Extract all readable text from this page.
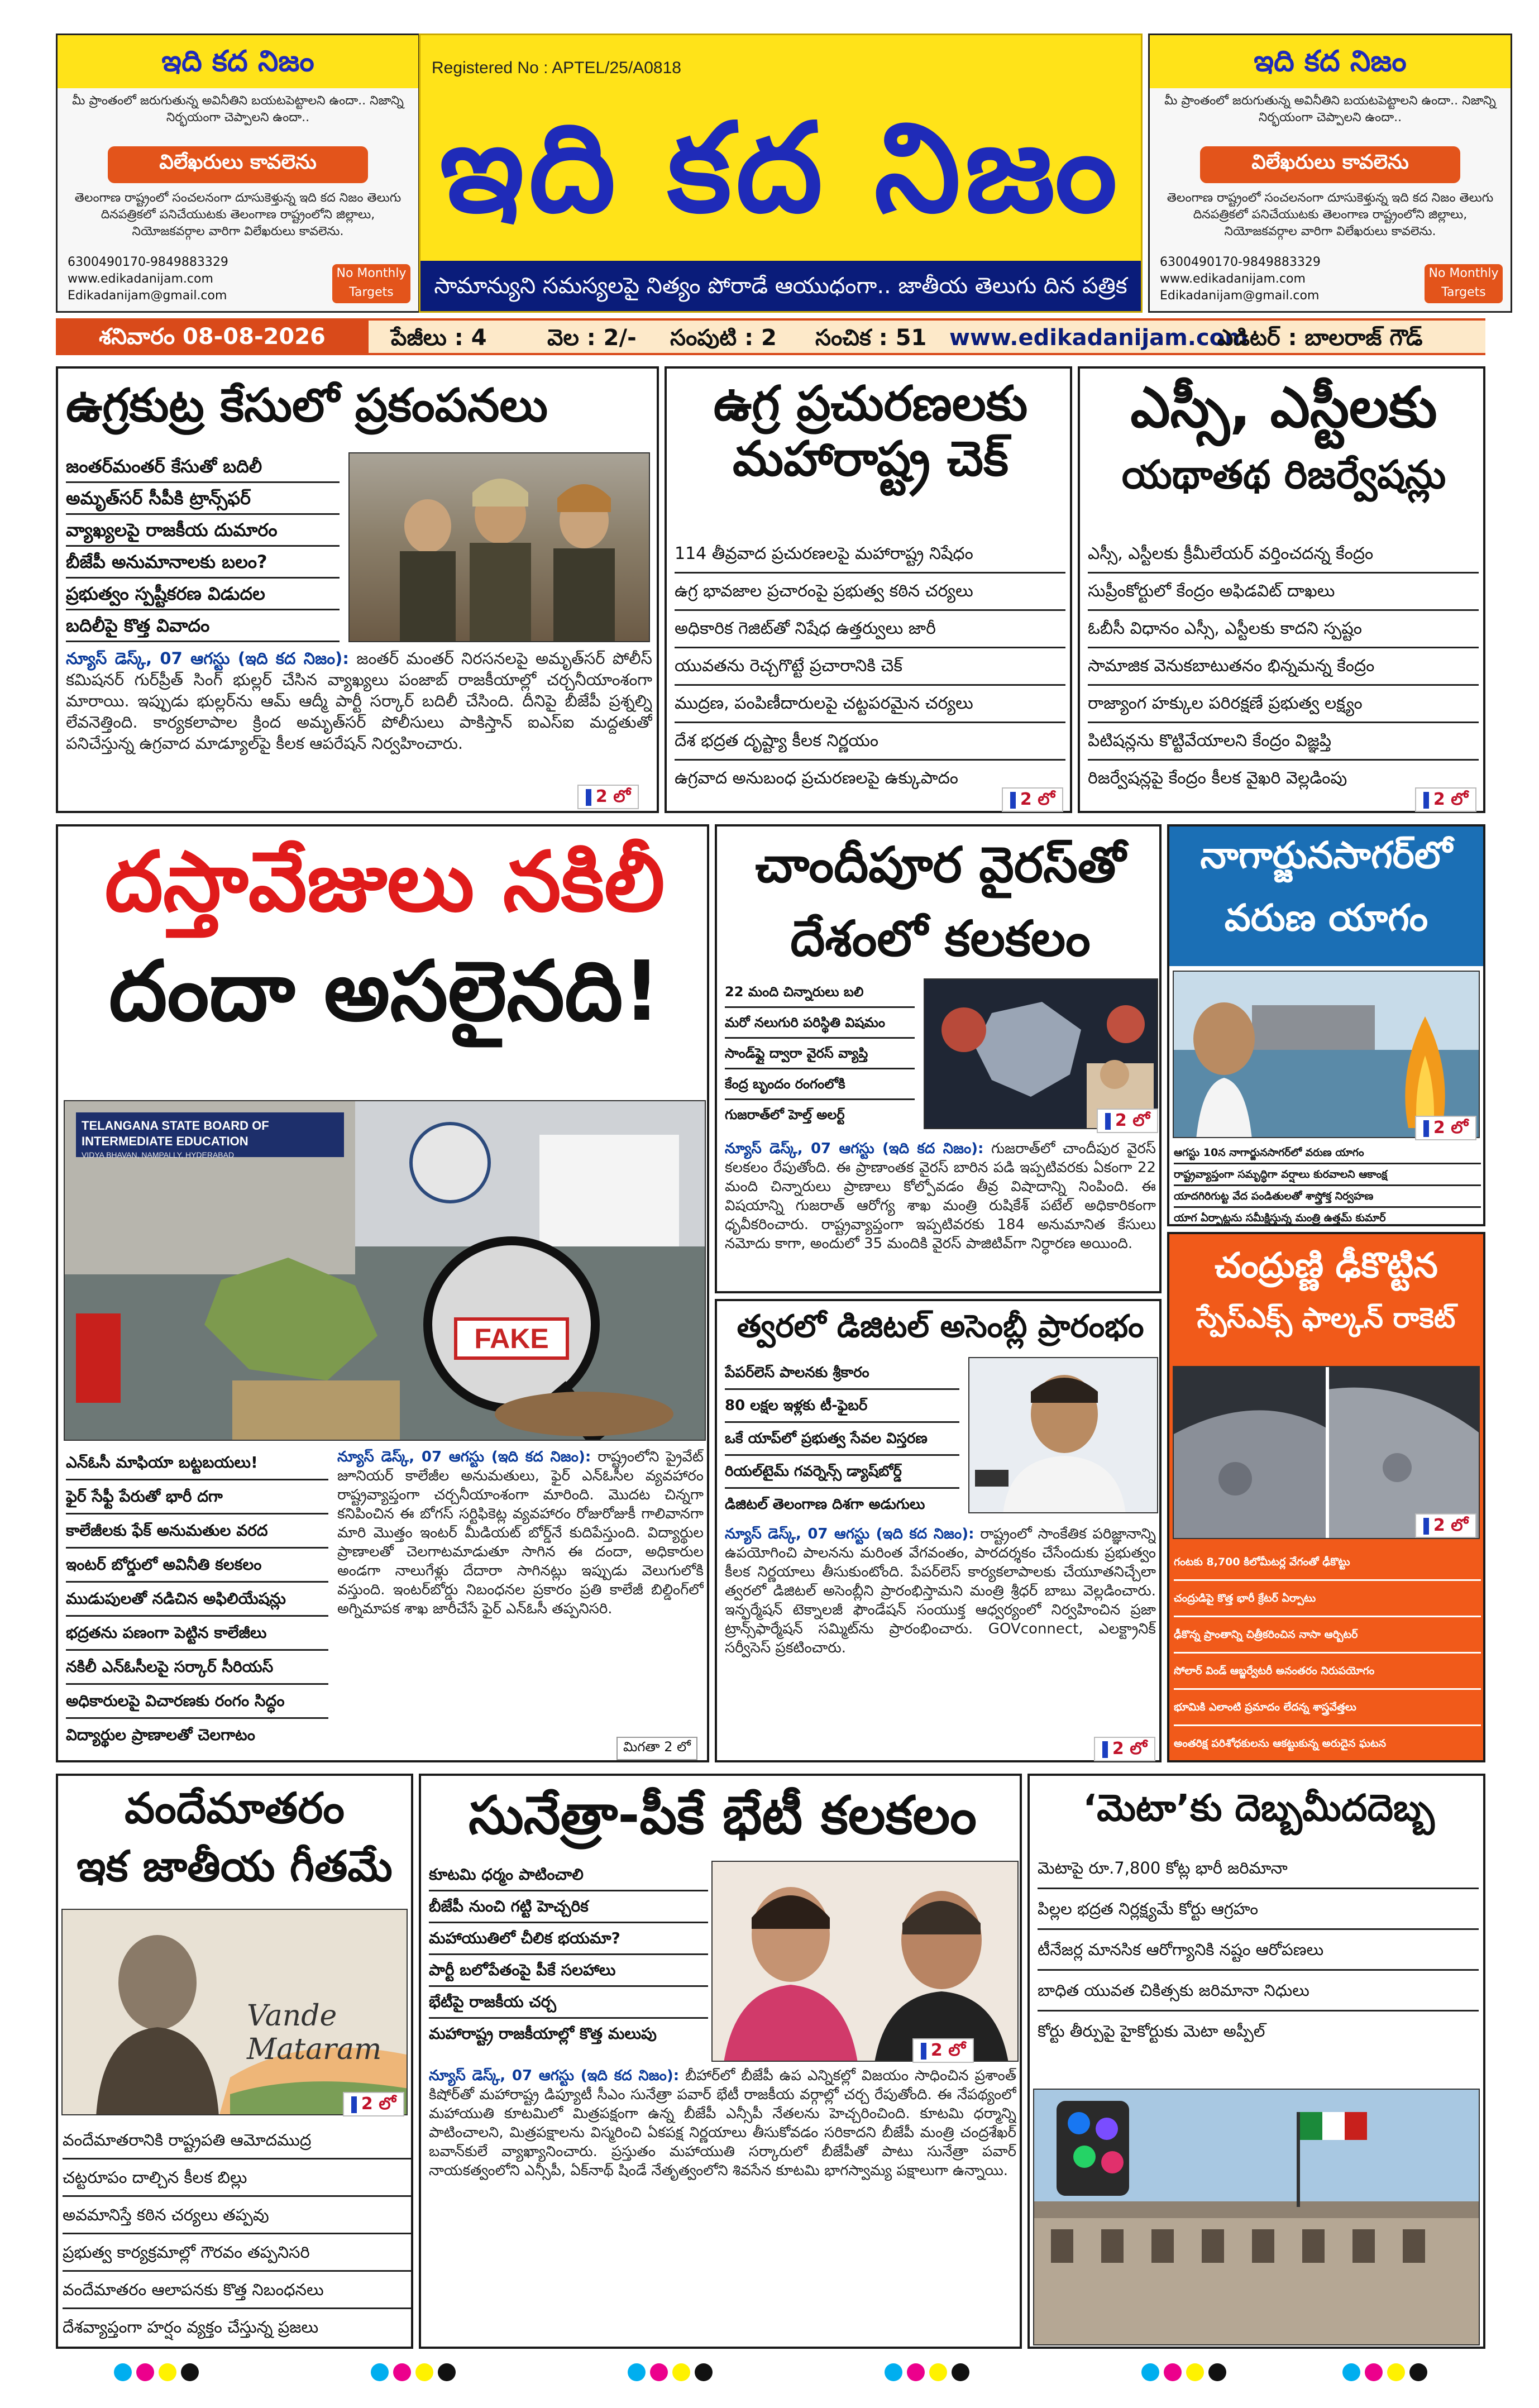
ఇది కద నిజం
మీ ప్రాంతంలో జరుగుతున్న అవినీతిని బయటపెట్టాలని ఉందా.. నిజాన్ని నిర్భయంగా చెప్పాలని ఉందా..
విలేఖరులు కావలెను
తెలంగాణ రాష్ట్రంలో సంచలనంగా దూసుకెళ్తున్న ఇది కద నిజం తెలుగు దినపత్రికలో పనిచేయుటకు తెలంగాణ రాష్ట్రంలోని జిల్లాలు, నియోజకవర్గాల వారిగా విలేఖరులు కావలెను.
6300490170-9849883329
www.edikadanijam.com
Edikadanijam@gmail.com
No Monthly Targets
Registered No : APTEL/25/A0818
ఇది కద నిజం
సామాన్యుని సమస్యలపై నిత్యం పోరాడే ఆయుధంగా.. జాతీయ తెలుగు దిన పత్రిక
ఇది కద నిజం
మీ ప్రాంతంలో జరుగుతున్న అవినీతిని బయటపెట్టాలని ఉందా.. నిజాన్ని నిర్భయంగా చెప్పాలని ఉందా..
విలేఖరులు కావలెను
తెలంగాణ రాష్ట్రంలో సంచలనంగా దూసుకెళ్తున్న ఇది కద నిజం తెలుగు దినపత్రికలో పనిచేయుటకు తెలంగాణ రాష్ట్రంలోని జిల్లాలు, నియోజకవర్గాల వారిగా విలేఖరులు కావలెను.
6300490170-9849883329
www.edikadanijam.com
Edikadanijam@gmail.com
No Monthly Targets
శనివారం 08-08-2026	పేజీలు : 4	వెల : 2/- సంపుటి : 2 సంచిక : 51 www.edikadanijam.com
ఎడిటర్ : బాలరాజ్ గౌడ్
ఉగ్రకుట్ర కేసులో ప్రకంపనలు
జంతర్‌మంతర్ కేసుతో బదిలీ
అమృత్‌సర్ సీపీకి ట్రాన్స్‌ఫర్
వ్యాఖ్యలపై రాజకీయ దుమారం
బీజేపీ అనుమానాలకు బలం?
ప్రభుత్వం స్పష్టీకరణ విడుదల
బదిలీపై కొత్త వివాదం
న్యూస్ డెస్క్, 07 ఆగస్టు (ఇది కద నిజం): జంతర్ మంతర్ నిరసనలపై అమృత్‌సర్ పోలీస్ కమిషనర్ గుర్‌ప్రీత్ సింగ్ భుల్లర్ చేసిన వ్యాఖ్యలు పంజాబ్ రాజకీయాల్లో చర్చనీయాంశంగా మారాయి. ఇప్పుడు భుల్లర్‌ను ఆమ్ ఆద్మీ పార్టీ సర్కార్ బదిలీ చేసింది. దీనిపై బీజేపీ ప్రశ్నల్ని లేవనెత్తింది. కార్యకలాపాల క్రింద అమృత్‌సర్ పోలీసులు పాకిస్తాన్ ఐఎస్ఐ మద్దతుతో పనిచేస్తున్న ఉగ్రవాద మాడ్యూల్‌పై కీలక ఆపరేషన్ నిర్వహించారు.
2 లో
ఉగ్ర ప్రచురణలకు మహారాష్ట్ర చెక్
114 తీవ్రవాద ప్రచురణలపై మహారాష్ట్ర నిషేధం
ఉగ్ర భావజాల ప్రచారంపై ప్రభుత్వ కఠిన చర్యలు
అధికారిక గెజిట్‌తో నిషేధ ఉత్తర్వులు జారీ
యువతను రెచ్చగొట్టే ప్రచారానికి చెక్
ముద్రణ, పంపిణీదారులపై చట్టపరమైన చర్యలు
దేశ భద్రత దృష్ట్యా కీలక నిర్ణయం
ఉగ్రవాద అనుబంధ ప్రచురణలపై ఉక్కుపాదం
2 లో
ఎస్సీ, ఎస్టీలకు
యథాతథ రిజర్వేషన్లు
ఎస్సీ, ఎస్టీలకు క్రీమీలేయర్ వర్తించదన్న కేంద్రం
సుప్రీంకోర్టులో కేంద్రం అఫిడవిట్ దాఖలు
ఓబీసీ విధానం ఎస్సీ, ఎస్టీలకు కాదని స్పష్టం
సామాజిక వెనుకబాటుతనం భిన్నమన్న కేంద్రం
రాజ్యాంగ హక్కుల పరిరక్షణే ప్రభుత్వ లక్ష్యం
పిటిషన్లను కొట్టివేయాలని కేంద్రం విజ్ఞప్తి
రిజర్వేషన్లపై కేంద్రం కీలక వైఖరి వెల్లడింపు
2 లో
దస్తావేజులు నకిలీ
దందా అసలైనది!
TELANGANA STATE BOARD OF INTERMEDIATE EDUCATION
VIDYA BHAVAN, NAMPALLY, HYDERABAD
FAKE
ఎన్ఓసీ మాఫియా బట్టబయలు!
ఫైర్ సేఫ్టీ పేరుతో భారీ దగా
కాలేజీలకు ఫేక్ అనుమతుల వరద
ఇంటర్ బోర్డులో అవినీతి కలకలం
ముడుపులతో నడిచిన అఫిలియేషన్లు
భద్రతను పణంగా పెట్టిన కాలేజీలు
నకిలీ ఎన్ఓసీలపై సర్కార్ సీరియస్
అధికారులపై విచారణకు రంగం సిద్ధం
విద్యార్థుల ప్రాణాలతో చెలగాటం
న్యూస్ డెస్క్, 07 ఆగస్టు (ఇది కద నిజం): రాష్ట్రంలోని ప్రైవేట్ జూనియర్ కాలేజీల అనుమతులు, ఫైర్ ఎన్ఓసీల వ్యవహారం రాష్ట్రవ్యాప్తంగా చర్చనీయాంశంగా మారింది. మొదట చిన్నగా కనిపించిన ఈ బోగస్ సర్టిఫికెట్ల వ్యవహారం రోజురోజుకీ గాలివానగా మారి మొత్తం ఇంటర్ మీడియట్ బోర్డ్‌నే కుదిపేస్తుంది. విద్యార్థుల ప్రాణాలతో చెలగాటమాడుతూ సాగిన ఈ దందా, అధికారుల అండగా నాలుగేళ్లు దేదారా సాగినట్లు ఇప్పుడు వెలుగులోకి వస్తుంది. ఇంటర్‌బోర్డు నిబంధనల ప్రకారం ప్రతి కాలేజీ బిల్డింగ్‌లో అగ్నిమాపక శాఖ జారీచేసే ఫైర్ ఎన్ఓసీ తప్పనిసరి.
మిగతా 2 లో
చాందీపూర వైరస్‌తో
దేశంలో కలకలం
22 మంది చిన్నారులు బలి
మరో నలుగురి పరిస్థితి విషమం
సాండ్‌ఫ్లై ద్వారా వైరస్ వ్యాప్తి
కేంద్ర బృందం రంగంలోకి
గుజరాత్‌లో హెల్త్ అలర్ట్	2 లో
న్యూస్ డెస్క్, 07 ఆగస్టు (ఇది కద నిజం): గుజరాత్‌లో చాందీపుర వైరస్ కలకలం రేపుతోంది. ఈ ప్రాణాంతక వైరస్ బారిన పడి ఇప్పటివరకు ఏకంగా 22 మంది చిన్నారులు ప్రాణాలు కోల్పోవడం తీవ్ర విషాదాన్ని నింపింది. ఈ విషయాన్ని గుజరాత్ ఆరోగ్య శాఖ మంత్రి రుషికేశ్ పటేల్ అధికారికంగా ధృవీకరించారు. రాష్ట్రవ్యాప్తంగా ఇప్పటివరకు 184 అనుమానిత కేసులు నమోదు కాగా, అందులో 35 మందికి వైరస్ పాజిటివ్‌గా నిర్ధారణ అయింది.
త్వరలో డిజిటల్ అసెంబ్లీ ప్రారంభం
పేపర్‌లెస్ పాలనకు శ్రీకారం
80 లక్షల ఇళ్లకు టీ-ఫైబర్
ఒకే యాప్‌లో ప్రభుత్వ సేవల విస్తరణ
రియల్‌టైమ్ గవర్నెన్స్ డ్యాష్‌బోర్డ్
డిజిటల్ తెలంగాణ దిశగా అడుగులు
న్యూస్ డెస్క్, 07 ఆగస్టు (ఇది కద నిజం): రాష్ట్రంలో సాంకేతిక పరిజ్ఞానాన్ని ఉపయోగించి పాలనను మరింత వేగవంతం, పారదర్శకం చేసేందుకు ప్రభుత్వం కీలక నిర్ణయాలు తీసుకుంటోంది. పేపర్‌లెస్ కార్యకలాపాలకు చేయూతనిచ్చేలా త్వరలో డిజిటల్ అసెంబ్లీని ప్రారంభిస్తామని మంత్రి శ్రీధర్ బాబు వెల్లడించారు. ఇన్ఫర్మేషన్ టెక్నాలజీ ఫౌండేషన్ సంయుక్త ఆధ్వర్యంలో నిర్వహించిన ప్రజా ట్రాన్స్‌ఫార్మేషన్ సమ్మిట్‌ను ప్రారంభించారు. GOVconnect, ఎలక్ట్రానిక్ సర్వీసెస్ ప్రకటించారు.
2 లో
నాగార్జునసాగర్‌లో
వరుణ యాగం
2 లో
ఆగస్టు 10న నాగార్జునసాగర్‌లో వరుణ యాగం
రాష్ట్రవ్యాప్తంగా సమృద్ధిగా వర్షాలు కురవాలని ఆకాంక్ష
యాదగిరిగుట్ట వేద పండితులతో శాస్త్రోక్త నిర్వహణ
యాగ ఏర్పాట్లను సమీక్షిస్తున్న మంత్రి ఉత్తమ్ కుమార్
చంద్రుణ్ణి ఢీకొట్టిన
స్పేస్ఎక్స్ ఫాల్కన్ రాకెట్
2 లో
గంటకు 8,700 కిలోమీటర్ల వేగంతో ఢీకొట్టు
చంద్రుడిపై కొత్త భారీ క్రేటర్ ఏర్పాటు
ఢీకొన్న ప్రాంతాన్ని చిత్రీకరించిన నాసా ఆర్బిటర్
సోలార్ విండ్ ఆబ్జర్వేటరీ అనంతరం నిరుపయోగం
భూమికి ఎలాంటి ప్రమాదం లేదన్న శాస్త్రవేత్తలు
అంతరిక్ష పరిశోధకులను ఆకట్టుకున్న అరుదైన ఘటన
వందేమాతరం
ఇక జాతీయ గీతమే
Vande Mataram
2 లో
వందేమాతరానికి రాష్ట్రపతి ఆమోదముద్ర
చట్టరూపం దాల్చిన కీలక బిల్లు
అవమానిస్తే కఠిన చర్యలు తప్పవు
ప్రభుత్వ కార్యక్రమాల్లో గౌరవం తప్పనిసరి
వందేమాతరం ఆలాపనకు కొత్త నిబంధనలు
దేశవ్యాప్తంగా హర్షం వ్యక్తం చేస్తున్న ప్రజలు
సునేత్రా-పీకే భేటీ కలకలం
కూటమి ధర్మం పాటించాలి
బీజేపీ నుంచి గట్టి హెచ్చరిక
మహాయుతిలో చీలిక భయమా?
పార్టీ బలోపేతంపై పీకే సలహాలు
భేటీపై రాజకీయ చర్చ
మహారాష్ట్ర రాజకీయాల్లో కొత్త మలుపు
2 లో
న్యూస్ డెస్క్, 07 ఆగస్టు (ఇది కద నిజం): బీహార్‌లో బీజేపీ ఉప ఎన్నికల్లో విజయం సాధించిన ప్రశాంత్ కిషోర్‌తో మహారాష్ట్ర డిప్యూటీ సీఎం సునేత్రా పవార్ భేటీ రాజకీయ వర్గాల్లో చర్చ రేపుతోంది. ఈ నేపథ్యంలో మహాయుతి కూటమిలో మిత్రపక్షంగా ఉన్న బీజేపీ ఎన్సీపీ నేతలను హెచ్చరించింది. కూటమి ధర్మాన్ని పాటించాలని, మిత్రపక్షాలను విస్మరించి ఏకపక్ష నిర్ణయాలు తీసుకోవడం సరికాదని బీజేపీ మంత్రి చంద్రశేఖర్ బవాన్‌కులే వ్యాఖ్యానించారు. ప్రస్తుతం మహాయుతి సర్కారులో బీజేపీతో పాటు సునేత్రా పవార్ నాయకత్వంలోని ఎన్సీపీ, ఏక్‌నాథ్ షిండే నేతృత్వంలోని శివసేన కూటమి భాగస్వామ్య పక్షాలుగా ఉన్నాయి.
‘మెటా’కు దెబ్బమీదదెబ్బ
మెటాపై రూ.7,800 కోట్ల భారీ జరిమానా
పిల్లల భద్రత నిర్లక్ష్యమే కోర్టు ఆగ్రహం
టీనేజర్ల మానసిక ఆరోగ్యానికి నష్టం ఆరోపణలు
బాధిత యువత చికిత్సకు జరిమానా నిధులు
కోర్టు తీర్పుపై హైకోర్టుకు మెటా అప్పీల్
